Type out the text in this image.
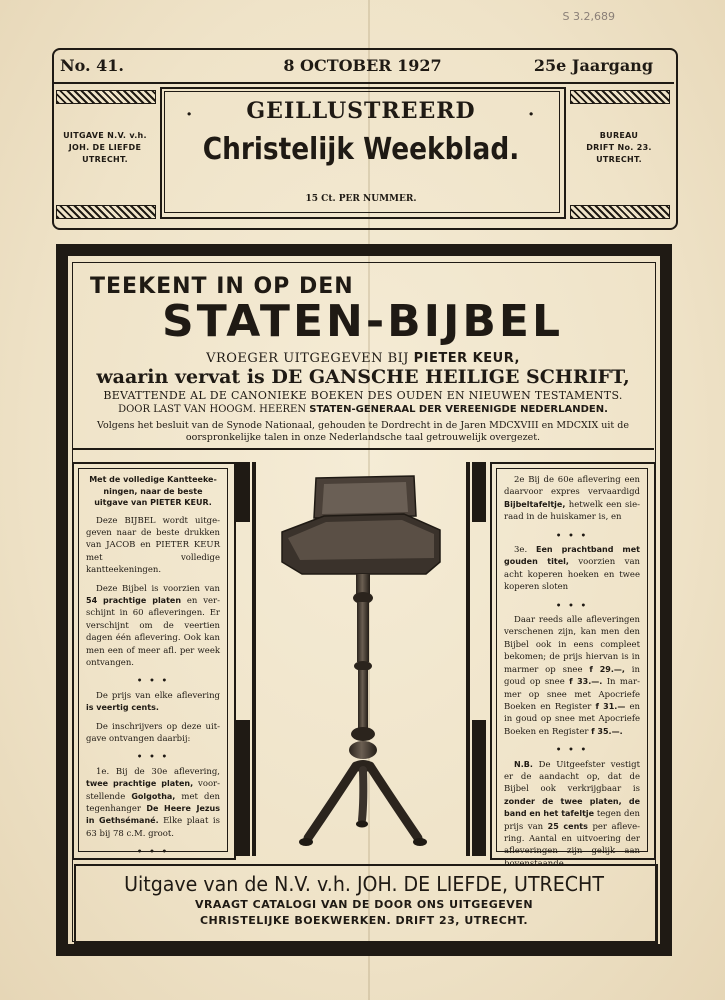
S 3.2,689
No. 41.	8 OCTOBER 1927	25e Jaargang
UITGAVE N.V. v.h.
JOH. DE LIEFDE
UTRECHT.
BUREAU
DRIFT No. 23.
UTRECHT.
·	·
GEILLUSTREERD
Christelijk Weekblad.
15 Ct. PER NUMMER.
TEEKENT IN OP DEN
STATEN-BIJBEL
VROEGER UITGEGEVEN BIJ PIETER KEUR,
waarin vervat is DE GANSCHE HEILIGE SCHRIFT,
BEVATTENDE AL DE CANONIEKE BOEKEN DES OUDEN EN NIEUWEN TESTAMENTS.
DOOR LAST VAN HOOGM. HEEREN STATEN-GENERAAL DER VEREENIGDE NEDERLANDEN.
Volgens het besluit van de Synode Nationaal, gehouden te Dordrecht in de Jaren MDCXVIII en MDCXIX uit de
oorspronkelijke talen in onze Nederlandsche taal getrouwelijk overgezet.

Met de volledige Kantteekeningen, naar de beste uitgave van PIETER KEUR.

Deze BIJBEL wordt uitgegeven naar de beste drukken van JACOB en PIETER KEUR met volledige kantteekeningen.

Deze Bijbel is voorzien van 54 prachtige platen en verschijnt in 60 afleveringen. Er verschijnt om de veertien dagen één aflevering. Ook kan men een of meer afl. per week ontvangen.

• • •

De prijs van elke aflevering is veertig cents.

De inschrijvers op deze uitgave ontvangen daarbij:

• • •

1e. Bij de 30e aflevering, twee prachtige platen, voorstellende Golgotha, met den tegenhanger De Heere Jezus in Gethsémané. Elke plaat is 63 bij 78 c.M. groot.

• • •

2e Bij de 60e aflevering een daarvoor expres vervaardigd Bijbeltafeltje, hetwelk een sieraad in de huiskamer is, en

• • •

3e. Een prachtband met gouden titel, voorzien van acht koperen hoeken en twee koperen sloten

• • •

Daar reeds alle afleveringen verschenen zijn, kan men den Bijbel ook in eens compleet bekomen; de prijs hiervan is in marmer op snee f 29.—, in goud op snee f 33.—. In marmer op snee met Apocriefe Boeken en Register f 31.— en in goud op snee met Apocriefe Boeken en Register f 35.—.

• • •

N.B. De Uitgeefster vestigt er de aandacht op, dat de Bijbel ook verkrijgbaar is zonder de twee platen, de band en het tafeltje tegen den prijs van 25 cents per aflevering. Aantal en uitvoering der afleveringen zijn gelijk aan bovenstaande.

Uitgave van de N.V. v.h. JOH. DE LIEFDE, UTRECHT
VRAAGT CATALOGI VAN DE DOOR ONS UITGEGEVEN
CHRISTELIJKE BOEKWERKEN. DRIFT 23, UTRECHT.
